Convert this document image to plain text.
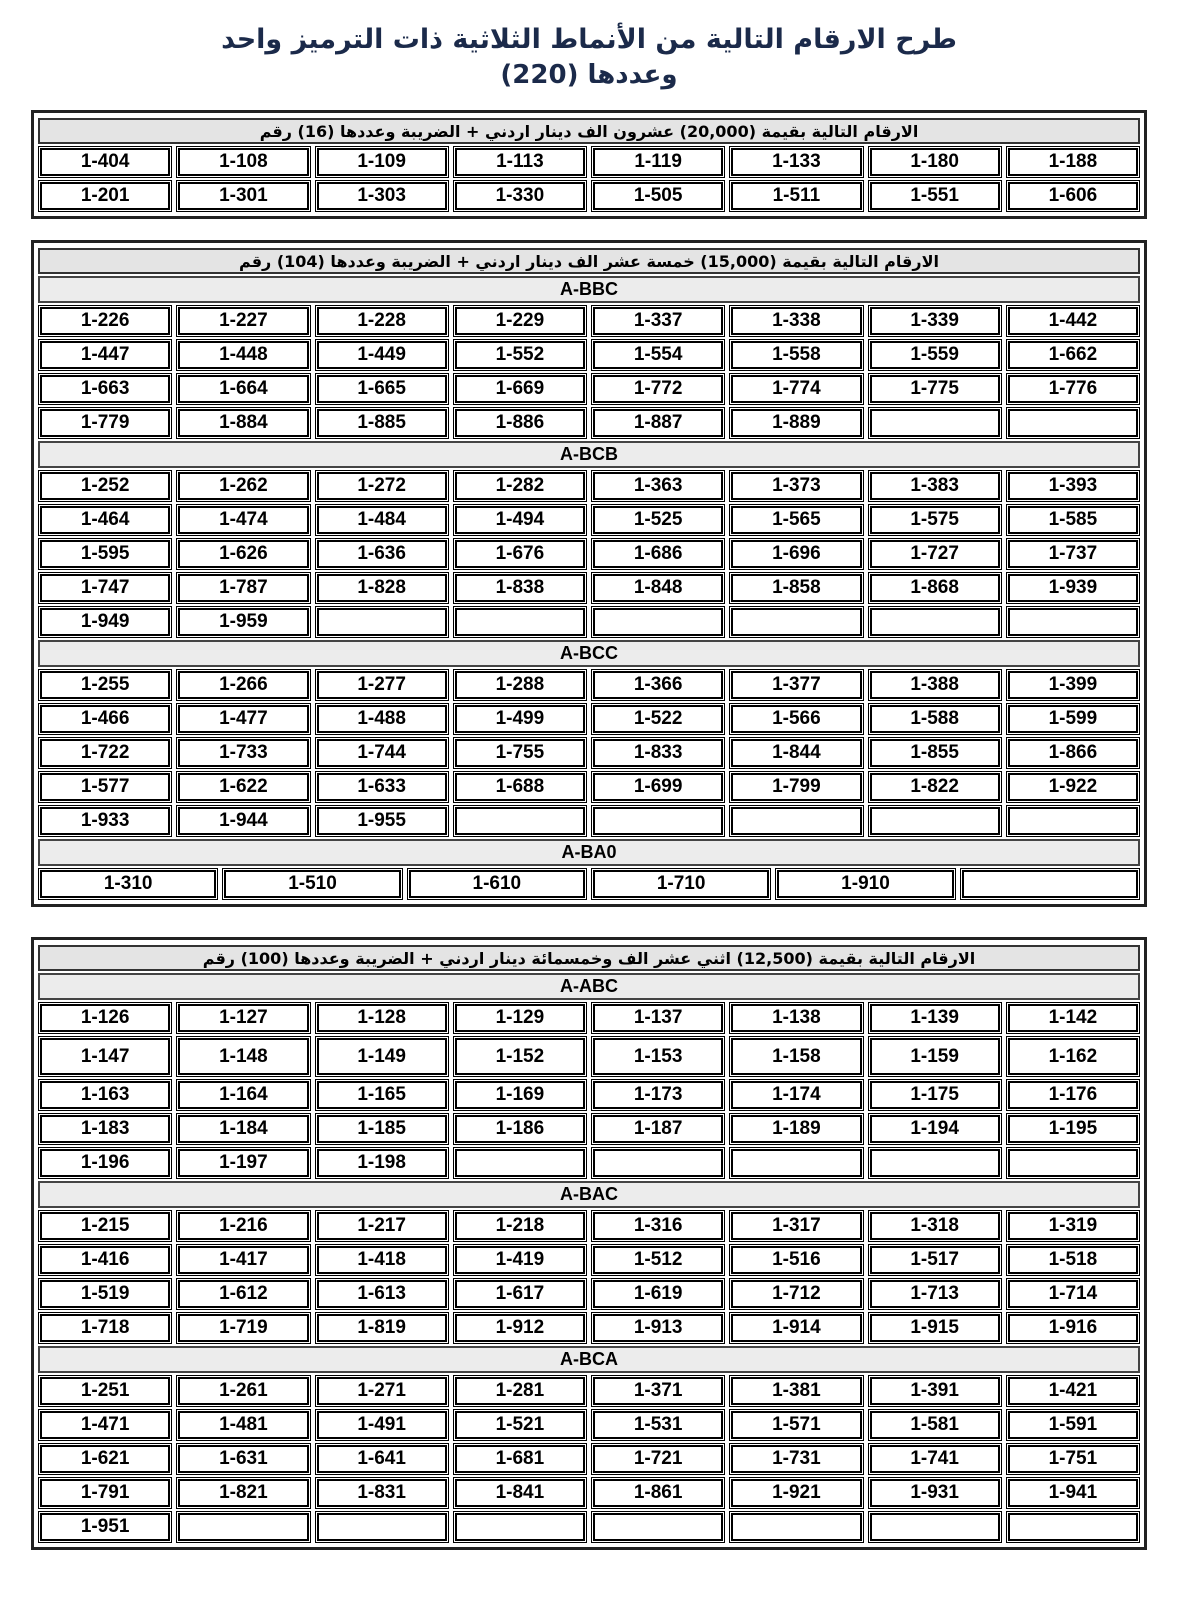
طرح الارقام التالية من الأنماط الثلاثية ذات الترميز واحد
وعددها (220)
الارقام التالية بقيمة (20,000) عشرون الف دينار اردني + الضريبة وعددها (16) رقم
1-404	1-108	1-109	1-113	1-119	1-133	1-180	1-188
1-201	1-301	1-303	1-330	1-505	1-511	1-551	1-606
الارقام التالية بقيمة (15,000) خمسة عشر الف دينار اردني + الضريبة وعددها (104) رقم
A-BBC
1-226	1-227	1-228	1-229	1-337	1-338	1-339	1-442
1-447	1-448	1-449	1-552	1-554	1-558	1-559	1-662
1-663	1-664	1-665	1-669	1-772	1-774	1-775	1-776
1-779	1-884	1-885	1-886	1-887	1-889
A-BCB
1-252	1-262	1-272	1-282	1-363	1-373	1-383	1-393
1-464	1-474	1-484	1-494	1-525	1-565	1-575	1-585
1-595	1-626	1-636	1-676	1-686	1-696	1-727	1-737
1-747	1-787	1-828	1-838	1-848	1-858	1-868	1-939
1-949	1-959
A-BCC
1-255	1-266	1-277	1-288	1-366	1-377	1-388	1-399
1-466	1-477	1-488	1-499	1-522	1-566	1-588	1-599
1-722	1-733	1-744	1-755	1-833	1-844	1-855	1-866
1-577	1-622	1-633	1-688	1-699	1-799	1-822	1-922
1-933	1-944	1-955
A-BA0
1-310	1-510	1-610	1-710	1-910
الارقام التالية بقيمة (12,500) اثني عشر الف وخمسمائة دينار اردني + الضريبة وعددها (100) رقم
A-ABC
1-126	1-127	1-128	1-129	1-137	1-138	1-139	1-142
1-147	1-148	1-149	1-152	1-153	1-158	1-159	1-162
1-163	1-164	1-165	1-169	1-173	1-174	1-175	1-176
1-183	1-184	1-185	1-186	1-187	1-189	1-194	1-195
1-196	1-197	1-198
A-BAC
1-215	1-216	1-217	1-218	1-316	1-317	1-318	1-319
1-416	1-417	1-418	1-419	1-512	1-516	1-517	1-518
1-519	1-612	1-613	1-617	1-619	1-712	1-713	1-714
1-718	1-719	1-819	1-912	1-913	1-914	1-915	1-916
A-BCA
1-251	1-261	1-271	1-281	1-371	1-381	1-391	1-421
1-471	1-481	1-491	1-521	1-531	1-571	1-581	1-591
1-621	1-631	1-641	1-681	1-721	1-731	1-741	1-751
1-791	1-821	1-831	1-841	1-861	1-921	1-931	1-941
1-951
